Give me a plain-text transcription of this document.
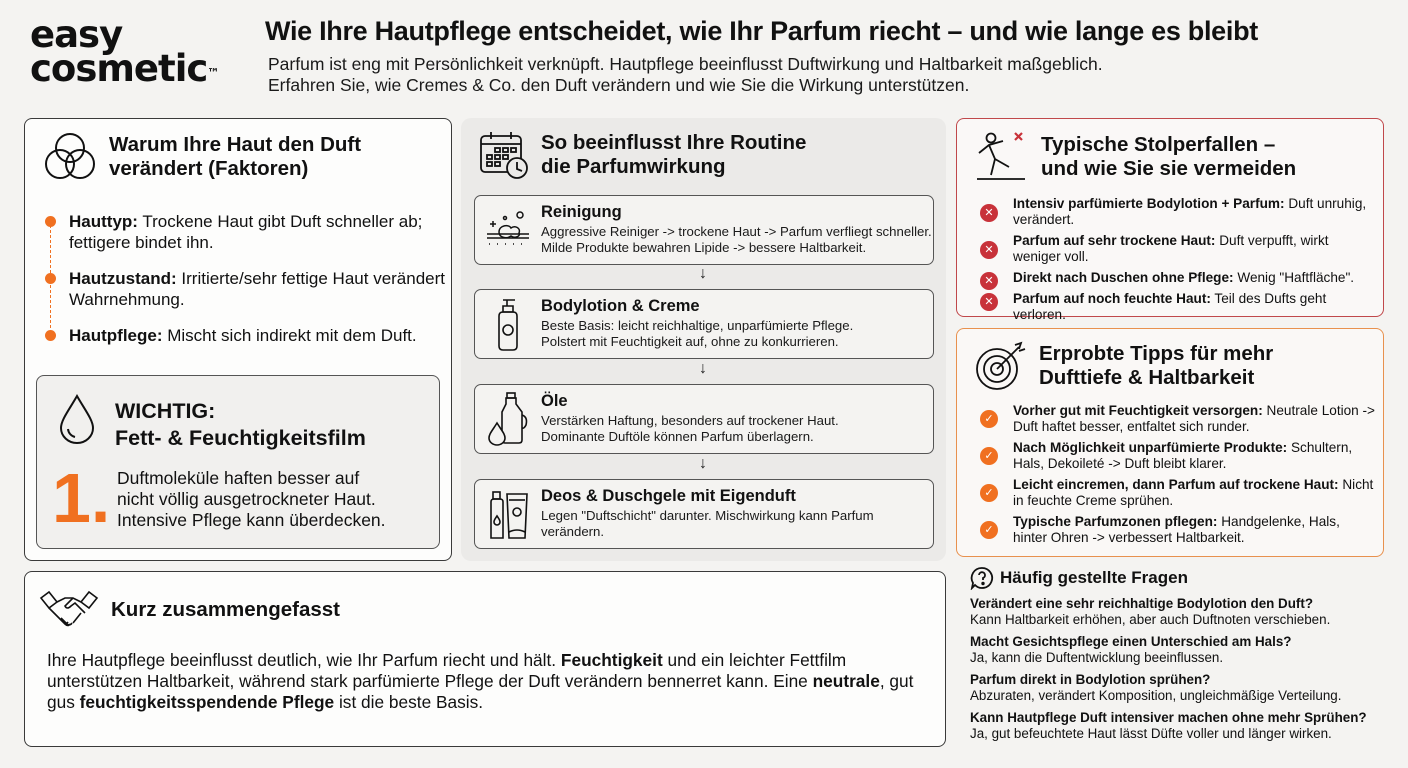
easy
cosmetic™
Wie Ihre Hautpflege entscheidet, wie Ihr Parfum riecht – und wie lange es bleibt
Parfum ist eng mit Persönlichkeit verknüpft. Hautpflege beeinflusst Duftwirkung und Haltbarkeit maßgeblich.
Erfahren Sie, wie Cremes & Co. den Duft verändern und wie Sie die Wirkung unterstützen.
Warum Ihre Haut den Duft
verändert (Faktoren)
Hauttyp: Trockene Haut gibt Duft schneller ab; fettigere bindet ihn.
Hautzustand: Irritierte/sehr fettige Haut verändert Wahrnehmung.
Hautpflege: Mischt sich indirekt mit dem Duft.
WICHTIG:
Fett- & Feuchtigkeitsfilm
1. Duftmoleküle haften besser auf
nicht völlig ausgetrockneter Haut.
Intensive Pflege kann überdecken.
So beeinflusst Ihre Routine
die Parfumwirkung
Reinigung
Aggressive Reiniger -> trockene Haut -> Parfum verfliegt schneller.
Milde Produkte bewahren Lipide -> bessere Haltbarkeit.
↓
Bodylotion & Creme
Beste Basis: leicht reichhaltige, unparfümierte Pflege.
Polstert mit Feuchtigkeit auf, ohne zu konkurrieren.
↓
Öle
Verstärken Haftung, besonders auf trockener Haut.
Dominante Duftöle können Parfum überlagern.
↓
Deos & Duschgele mit Eigenduft
Legen "Duftschicht" darunter. Mischwirkung kann Parfum
verändern.
Typische Stolperfallen –
und wie Sie sie vermeiden
✕
Intensiv parfümierte Bodylotion + Parfum: Duft unruhig, verändert.
✕
Parfum auf sehr trockene Haut: Duft verpufft, wirkt weniger voll.
✕	Direkt nach Duschen ohne Pflege: Wenig "Haftfläche".
✕	Parfum auf noch feuchte Haut: Teil des Dufts geht verloren.
Erprobte Tipps für mehr
Dufttiefe & Haltbarkeit
✓
Vorher gut mit Feuchtigkeit versorgen: Neutrale Lotion -> Duft haftet besser, entfaltet sich runder.
✓
Nach Möglichkeit unparfümierte Produkte: Schultern, Hals, Dekoileté -> Duft bleibt klarer.
✓
Leicht eincremen, dann Parfum auf trockene Haut: Nicht in feuchte Creme sprühen.
✓
Typische Parfumzonen pflegen: Handgelenke, Hals, hinter Ohren -> verbessert Haltbarkeit.
Häufig gestellte Fragen
Verändert eine sehr reichhaltige Bodylotion den Duft?
Kann Haltbarkeit erhöhen, aber auch Duftnoten verschieben.
Macht Gesichtspflege einen Unterschied am Hals?
Ja, kann die Duftentwicklung beeinflussen.
Parfum direkt in Bodylotion sprühen?
Abzuraten, verändert Komposition, ungleichmäßige Verteilung.
Kann Hautpflege Duft intensiver machen ohne mehr Sprühen?
Ja, gut befeuchtete Haut lässt Düfte voller und länger wirken.
Kurz zusammengefasst
Ihre Hautpflege beeinflusst deutlich, wie Ihr Parfum riecht und hält. Feuchtigkeit und ein leichter Fettfilm unterstützen Haltbarkeit, während stark parfümierte Pflege der Duft verändern bennerret kann. Eine neutrale, gut gus feuchtigkeitsspendende Pflege ist die beste Basis.
